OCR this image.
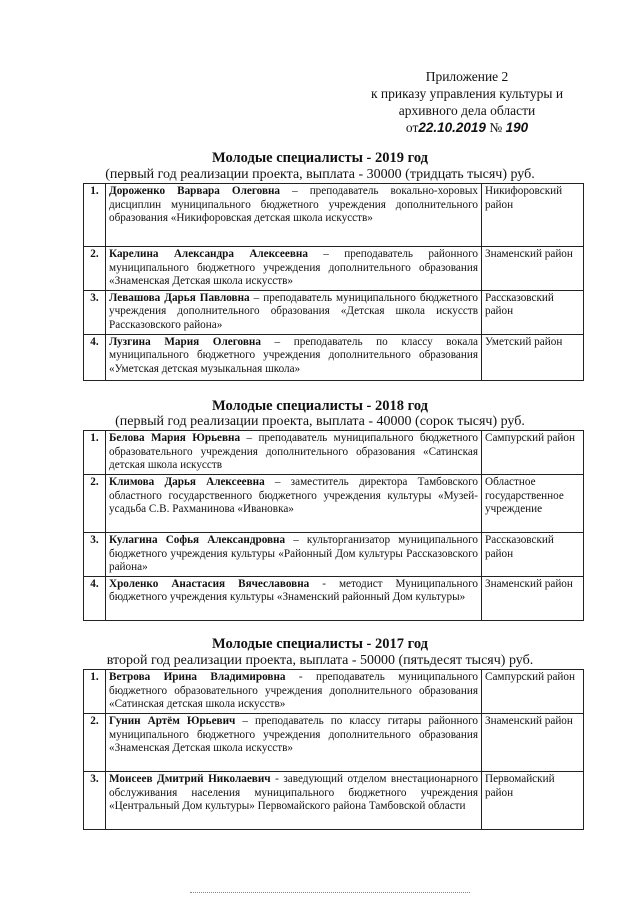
Приложение 2
к приказу управления культуры и
архивного дела области
от22.10.2019 № 190
Молодые специалисты - 2019 год
(первый год реализации проекта, выплата - 30000 (тридцать тысяч) руб.
1.	Дороженко Варвара Олеговна – преподаватель вокально-хоровых дисциплин муниципального бюджетного учреждения дополнительного образования «Никифоровская детская школа искусств»	Никифоровский район
2.	Карелина Александра Алексеевна – преподаватель районного муниципального бюджетного учреждения дополнительного образования «Знаменская Детская школа искусств»	Знаменский район
3.	Левашова Дарья Павловна – преподаватель муниципального бюджетного учреждения дополнительного образования «Детская школа искусств Рассказовского района»	Рассказовский район
4.	Лузгина Мария Олеговна – преподаватель по классу вокала муниципального бюджетного учреждения дополнительного образования «Уметская детская музыкальная школа»	Уметский район
Молодые специалисты - 2018 год
(первый год реализации проекта, выплата - 40000 (сорок тысяч) руб.
1.	Белова Мария Юрьевна – преподаватель муниципального бюджетного образовательного учреждения дополнительного образования «Сатинская детская школа искусств	Сампурский район
2.	Климова Дарья Алексеевна – заместитель директора Тамбовского областного государственного бюджетного учреждения культуры «Музей-усадьба С.В. Рахманинова «Ивановка»	Областное государственное учреждение
3.	Кулагина Софья Александровна – культорганизатор муниципального бюджетного учреждения культуры «Районный Дом культуры Рассказовского района»	Рассказовский район
4.	Хроленко Анастасия Вячеславовна - методист Муниципального бюджетного учреждения культуры «Знаменский районный Дом культуры»	Знаменский район
Молодые специалисты - 2017 год
второй год реализации проекта, выплата - 50000 (пятьдесят тысяч) руб.
1.	Ветрова Ирина Владимировна - преподаватель муниципального бюджетного образовательного учреждения дополнительного образования «Сатинская детская школа искусств»	Сампурский район
2.	Гунин Артём Юрьевич – преподаватель по классу гитары районного муниципального бюджетного учреждения дополнительного образования «Знаменская Детская школа искусств»	Знаменский район
3.	Моисеев Дмитрий Николаевич - заведующий отделом внестационарного обслуживания населения муниципального бюджетного учреждения «Центральный Дом культуры» Первомайского района Тамбовской области	Первомайский район
